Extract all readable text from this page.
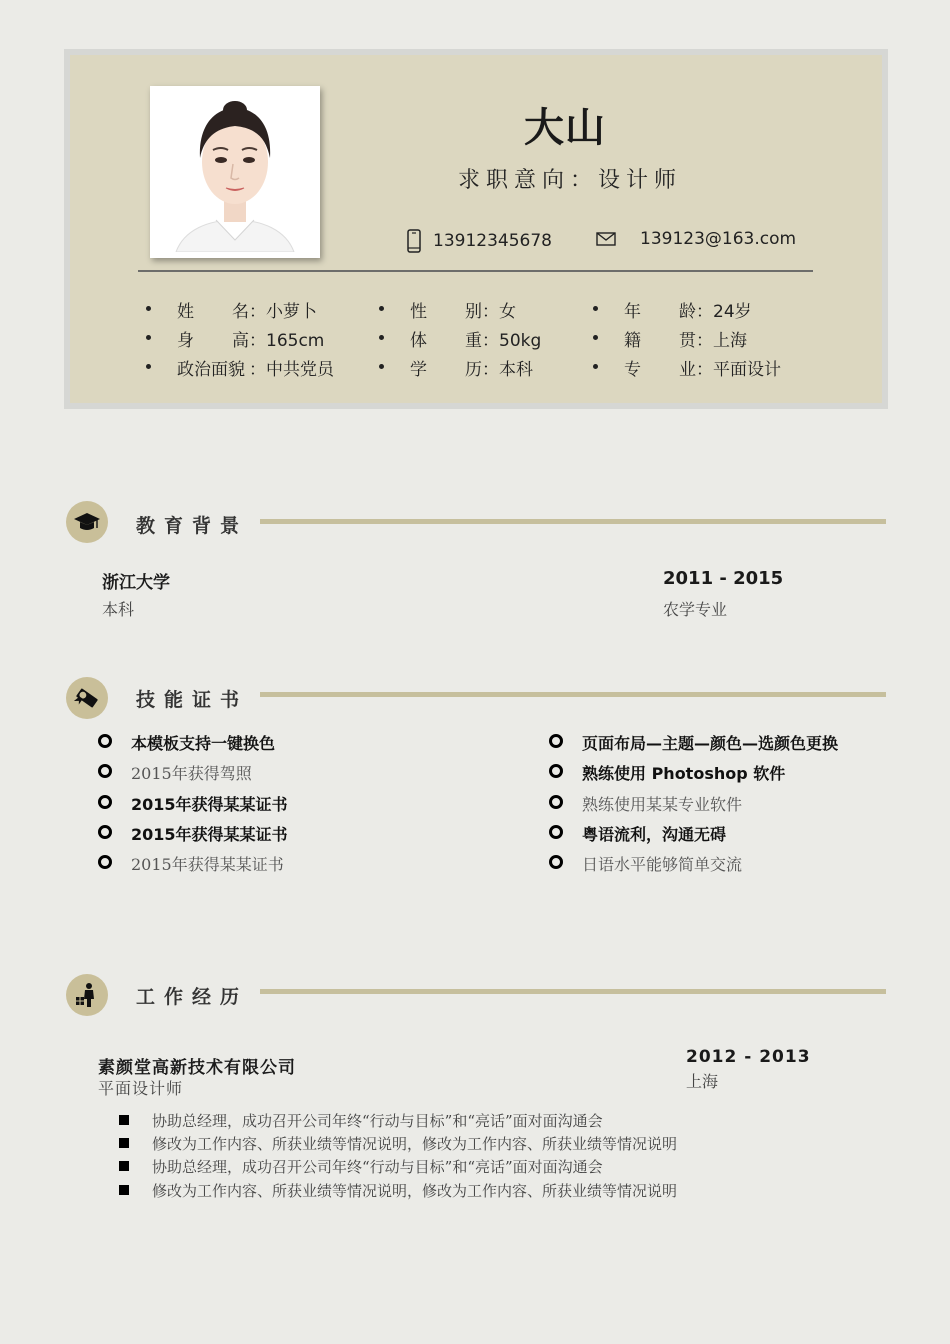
大山
求职意向：设计师
13912345678	139123@163.com
姓 名：小萝卜	性 别：女	年 龄：24岁
身 高：165cm	体 重：50kg	籍 贯：上海
政治面貌 ：中共党员	学 历：本科	专 业：平面设计
教育背景
浙江大学
本科
2011 - 2015
农学专业
技能证书
本模板支持一键换色
2015年获得驾照
2015年获得某某证书
2015年获得某某证书
2015年获得某某证书
页面布局—主题—颜色—选颜色更换
熟练使用 Photoshop 软件
熟练使用某某专业软件
粤语流利，沟通无碍
日语水平能够简单交流
工作经历
素颜堂高新技术有限公司
平面设计师
2012 - 2013
上海
协助总经理，成功召开公司年终“行动与目标”和“亮话”面对面沟通会
修改为工作内容、所获业绩等情况说明，修改为工作内容、所获业绩等情况说明
协助总经理，成功召开公司年终“行动与目标”和“亮话”面对面沟通会
修改为工作内容、所获业绩等情况说明，修改为工作内容、所获业绩等情况说明
